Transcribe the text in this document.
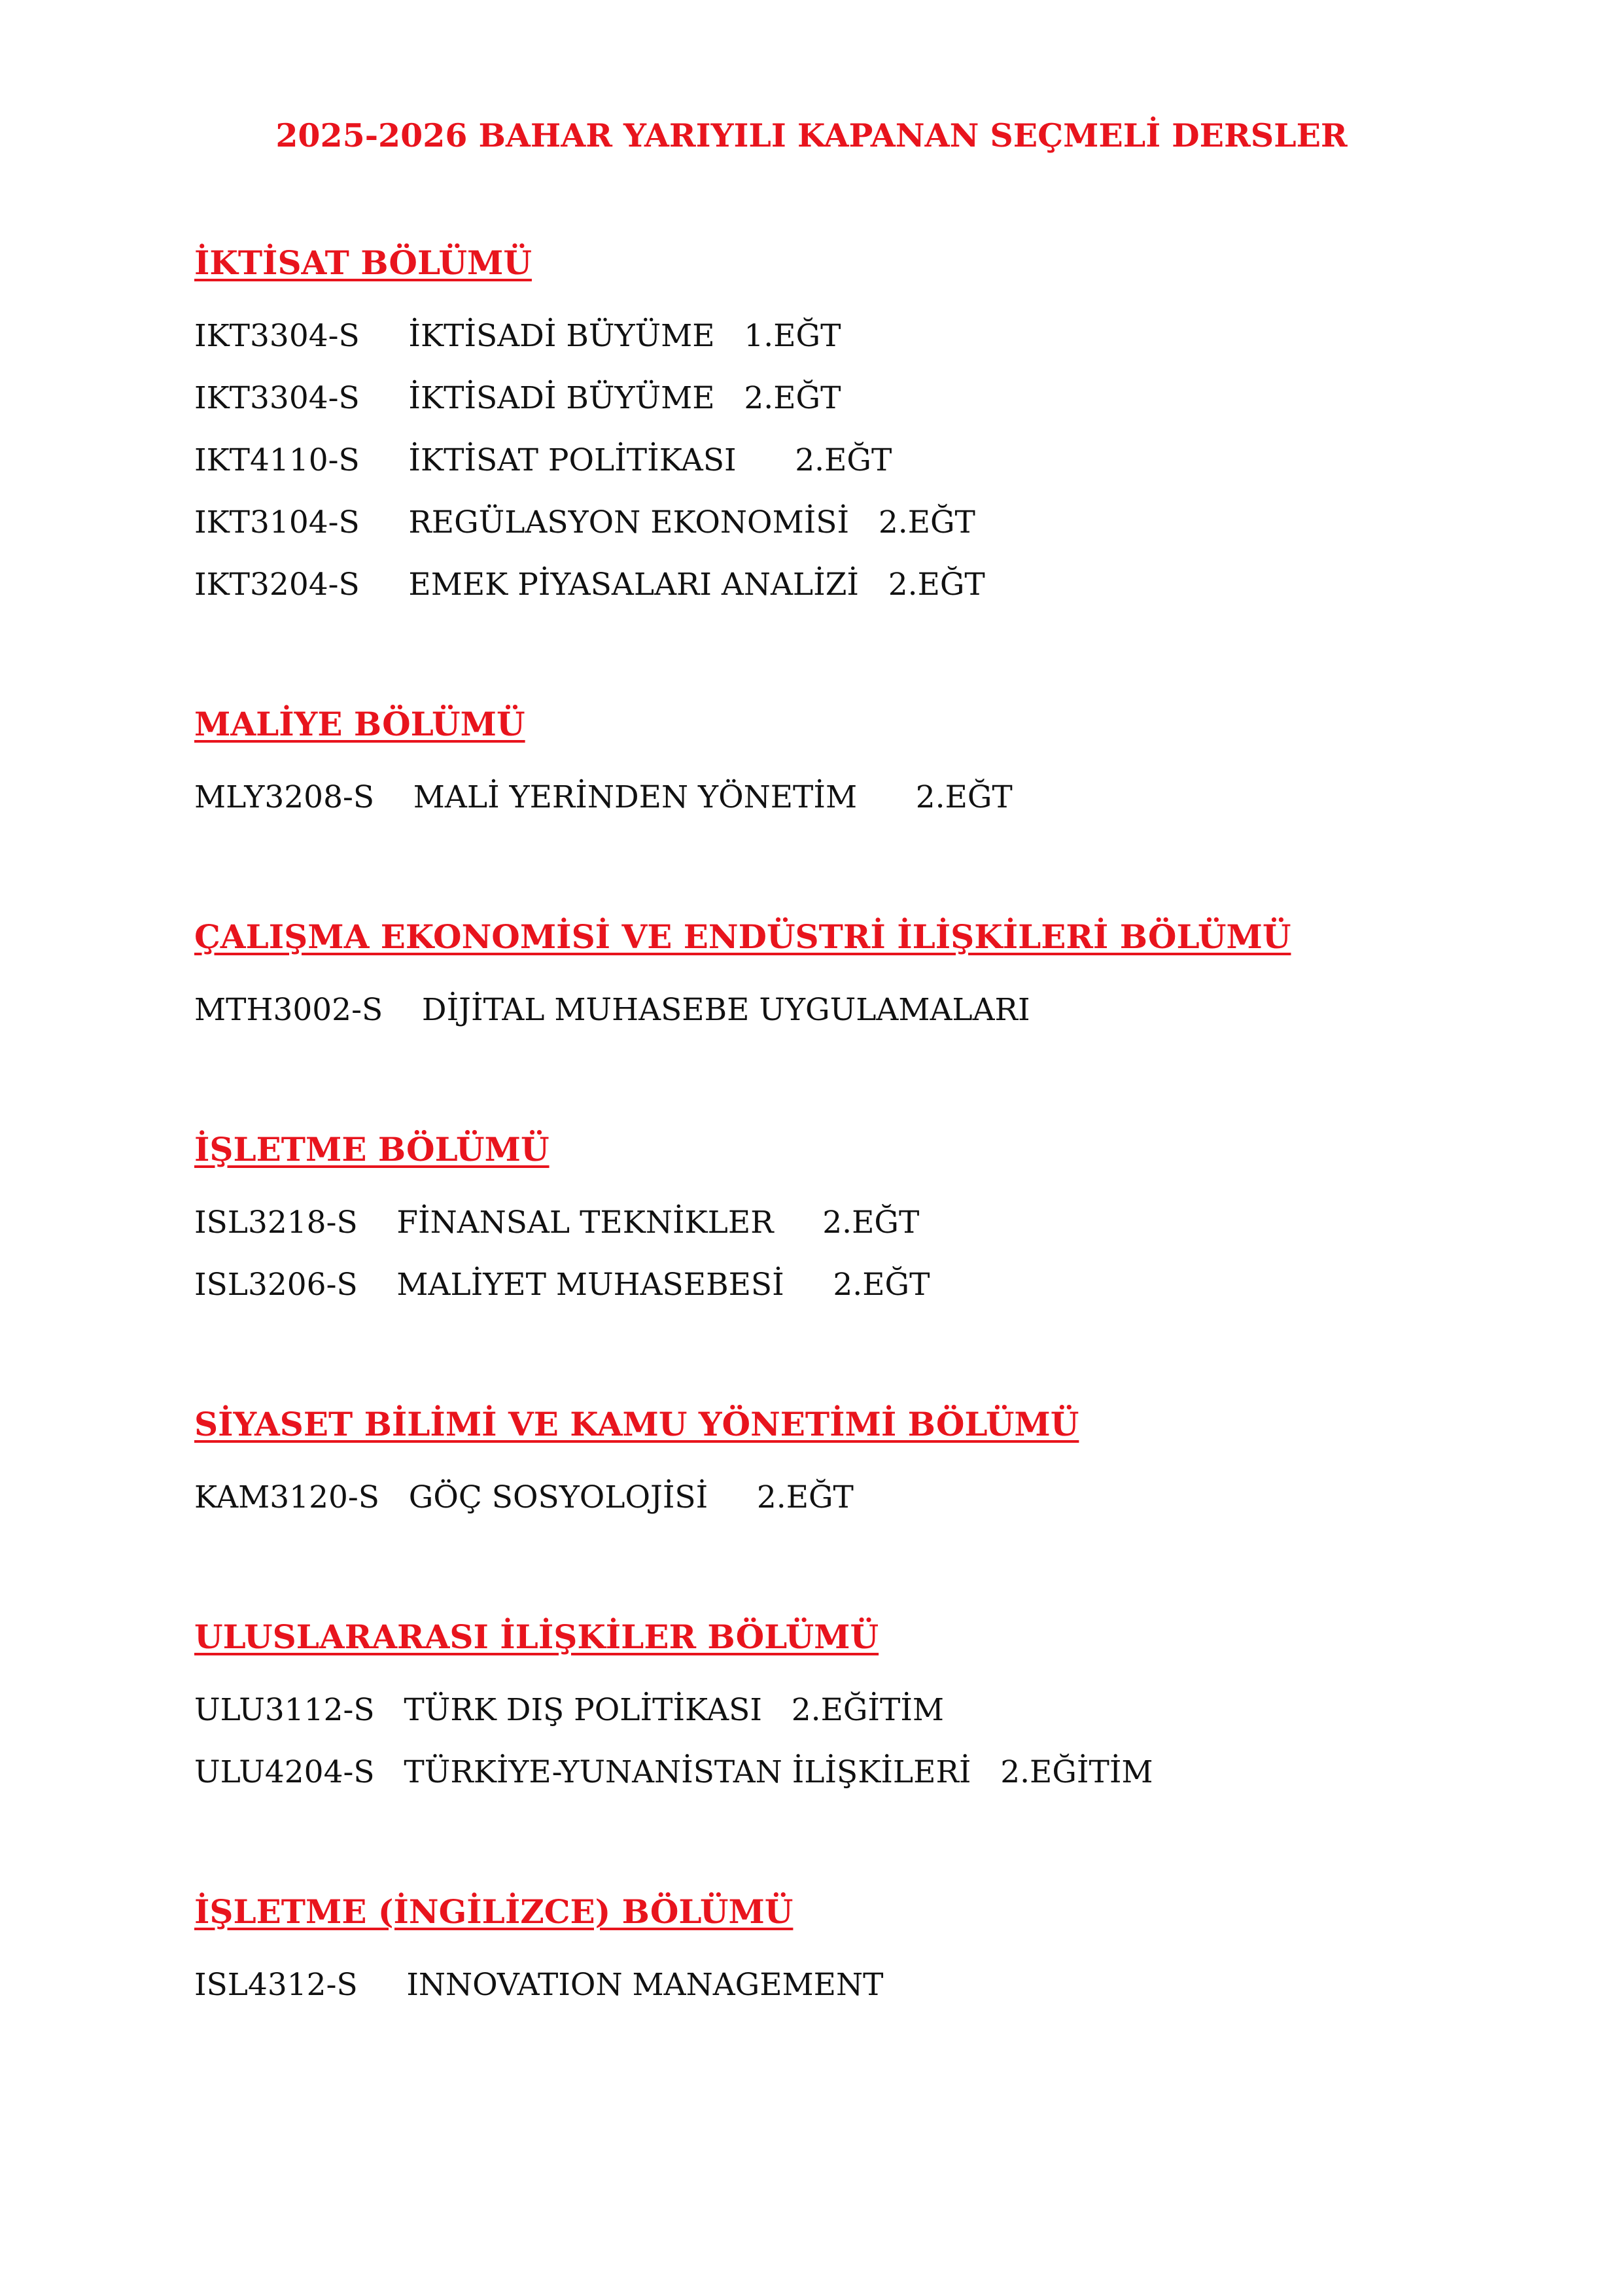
2025-2026 BAHAR YARIYILI KAPANAN SEÇMELİ DERSLER
İKTİSAT BÖLÜMÜ
IKT3304-S     İKTİSADİ BÜYÜME   1.EĞT
IKT3304-S     İKTİSADİ BÜYÜME   2.EĞT
IKT4110-S     İKTİSAT POLİTİKASI      2.EĞT
IKT3104-S     REGÜLASYON EKONOMİSİ   2.EĞT
IKT3204-S     EMEK PİYASALARI ANALİZİ   2.EĞT
MALİYE BÖLÜMÜ
MLY3208-S    MALİ YERİNDEN YÖNETİM      2.EĞT
ÇALIŞMA EKONOMİSİ VE ENDÜSTRİ İLİŞKİLERİ BÖLÜMÜ
MTH3002-S    DİJİTAL MUHASEBE UYGULAMALARI
İŞLETME BÖLÜMÜ
ISL3218-S    FİNANSAL TEKNİKLER     2.EĞT
ISL3206-S    MALİYET MUHASEBESİ     2.EĞT
SİYASET BİLİMİ VE KAMU YÖNETİMİ BÖLÜMÜ
KAM3120-S   GÖÇ SOSYOLOJİSİ     2.EĞT
ULUSLARARASI İLİŞKİLER BÖLÜMÜ
ULU3112-S   TÜRK DIŞ POLİTİKASI   2.EĞİTİM
ULU4204-S   TÜRKİYE-YUNANİSTAN İLİŞKİLERİ   2.EĞİTİM
İŞLETME (İNGİLİZCE) BÖLÜMÜ
ISL4312-S     INNOVATION MANAGEMENT
